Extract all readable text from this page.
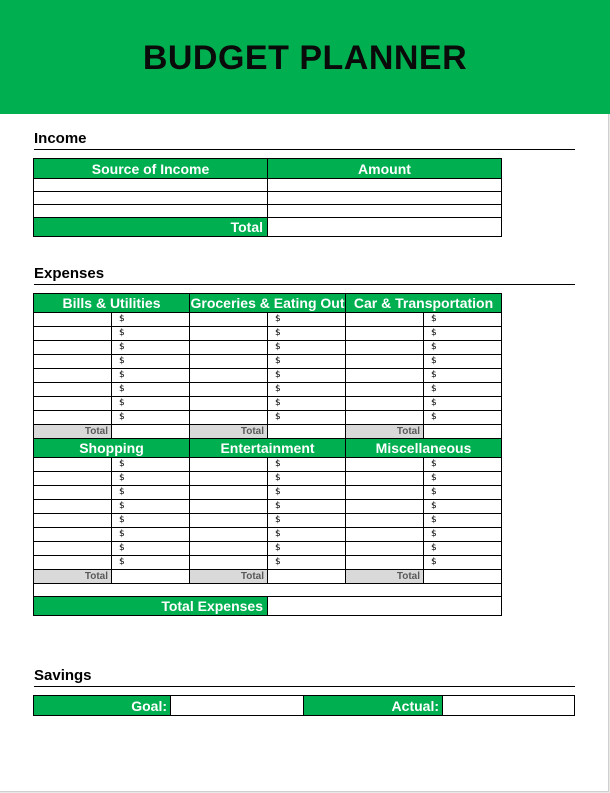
BUDGET PLANNER
Income
Source of Income	Amount

Total	
Expenses
Bills & Utilities		Groceries & Eating Out		Car & Transportation	
	$		$		$
	$		$		$
	$		$		$
	$		$		$
	$		$		$
	$		$		$
	$		$		$
	$		$		$
Total		Total		Total	
Shopping		Entertainment		Miscellaneous	
	$		$		$
	$		$		$
	$		$		$
	$		$		$
	$		$		$
	$		$		$
	$		$		$
	$		$		$
Total		Total		Total	

Total Expenses					
Savings
Goal:		Actual:	
